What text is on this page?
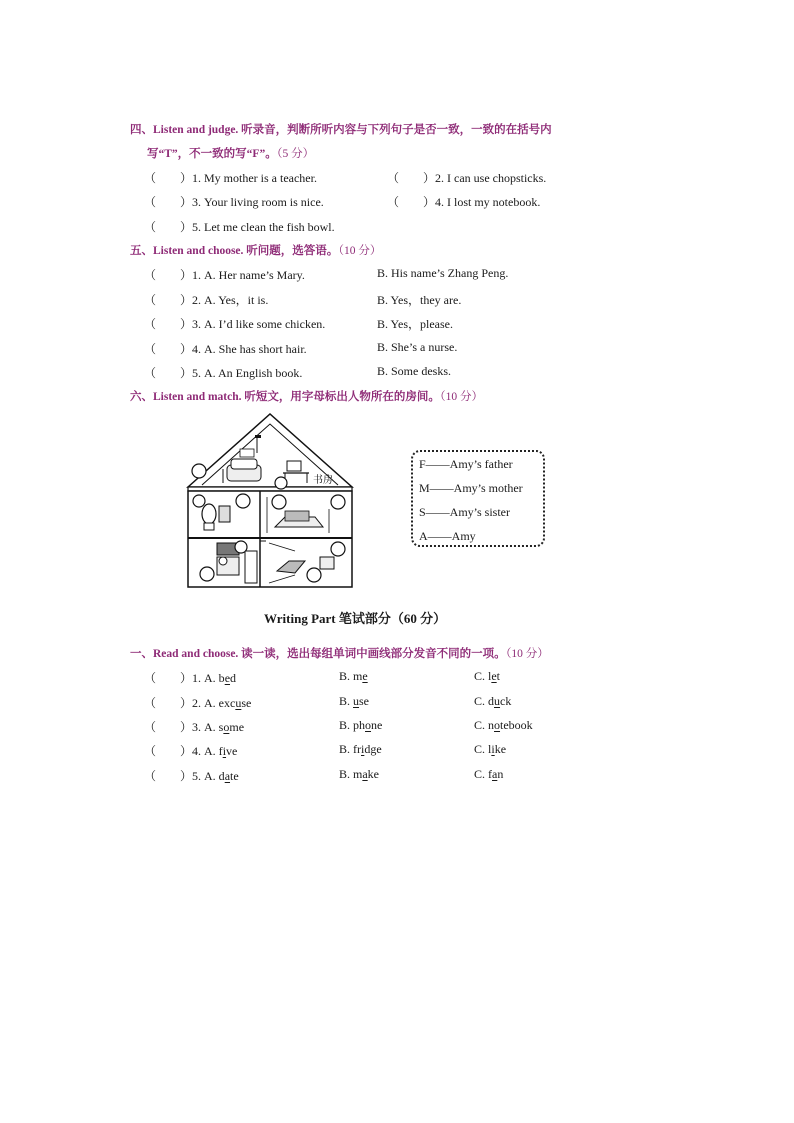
四、Listen and judge. 听录音，判断所听内容与下列句子是否一致，一致的在括号内
写“T”，不一致的写“F”。（5 分）
（　　）1. My mother is a teacher.	（　　）2. I can use chopsticks.
（　　）3. Your living room is nice.	（　　）4. I lost my notebook.
（　　）5. Let me clean the fish bowl.
五、Listen and choose. 听问题，选答语。（10 分）
（　　）1. A. Her name’s Mary.	B. His name’s Zhang Peng.
（　　）2. A. Yes，it is.	B. Yes，they are.
（　　）3. A. I’d like some chicken.	B. Yes，please.
（　　）4. A. She has short hair.	B. She’s a nurse.
（　　）5. A. An English book.	B. Some desks.
六、Listen and match. 听短文，用字母标出人物所在的房间。（10 分）
书房
F——Amy’s father
M——Amy’s mother
S——Amy’s sister
A——Amy
Writing Part 笔试部分（60 分）
一、Read and choose. 读一读，选出每组单词中画线部分发音不同的一项。（10 分）
（　　）1. A. bed	B. me	C. let
（　　）2. A. excuse	B. use	C. duck
（　　）3. A. some	B. phone	C. notebook
（　　）4. A. five	B. fridge	C. like
（　　）5. A. date	B. make	C. fan
